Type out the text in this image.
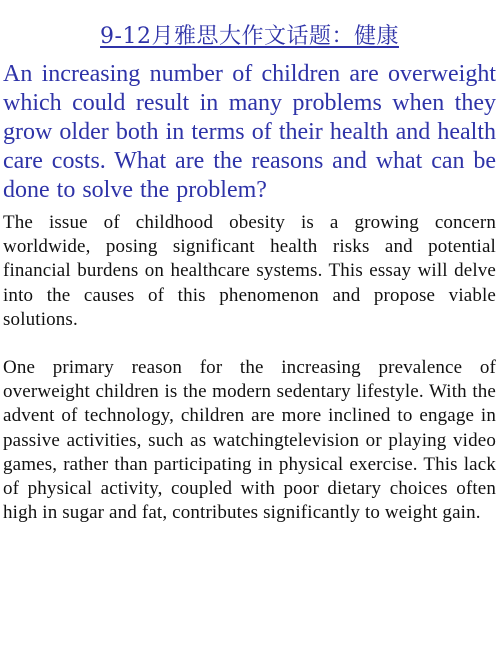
9-12月雅思大作文话题：健康
An increasing number of children are overweight which could result in many problems when they grow older both in terms of their health and health care costs. What are the reasons and what can be done to solve the problem?

The issue of childhood obesity is a growing concern worldwide, posing significant health risks and potential financial burdens on healthcare systems. This essay will delve into the causes of this phenomenon and propose viable solutions.

One primary reason for the increasing prevalence of overweight children is the modern sedentary lifestyle. With the advent of technology, children are more inclined to engage in passive activities, such as watchingtelevision or playing video games, rather than participating in physical exercise. This lack of physical activity, coupled with poor dietary choices often high in sugar and fat, contributes significantly to weight gain.
